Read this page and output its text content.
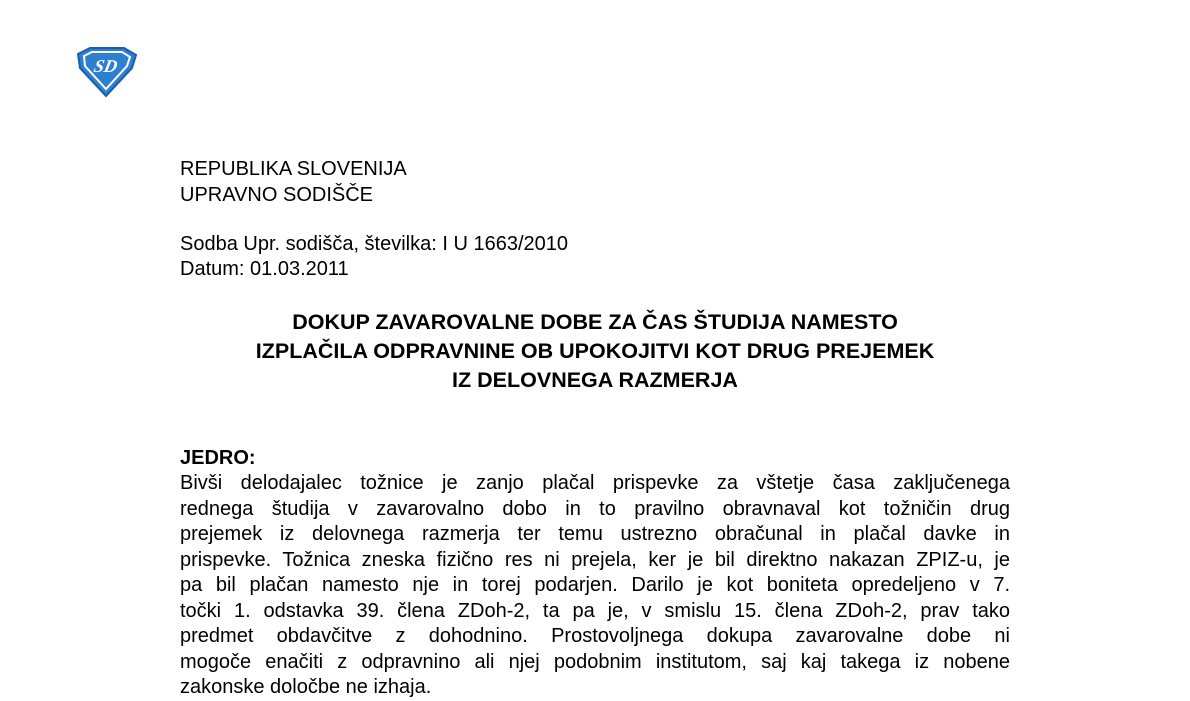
SD
REPUBLIKA SLOVENIJA
UPRAVNO SODIŠČE
Sodba Upr. sodišča, številka: I U 1663/2010
Datum: 01.03.2011
DOKUP ZAVAROVALNE DOBE ZA ČAS ŠTUDIJA NAMESTO
IZPLAČILA ODPRAVNINE OB UPOKOJITVI KOT DRUG PREJEMEK
IZ DELOVNEGA RAZMERJA
JEDRO:
Bivši delodajalec tožnice je zanjo plačal prispevke za vštetje časa zaključenega
rednega študija v zavarovalno dobo in to pravilno obravnaval kot tožničin drug
prejemek iz delovnega razmerja ter temu ustrezno obračunal in plačal davke in
prispevke. Tožnica zneska fizično res ni prejela, ker je bil direktno nakazan ZPIZ-u, je
pa bil plačan namesto nje in torej podarjen. Darilo je kot boniteta opredeljeno v 7.
točki 1. odstavka 39. člena ZDoh-2, ta pa je, v smislu 15. člena ZDoh-2, prav tako
predmet obdavčitve z dohodnino. Prostovoljnega dokupa zavarovalne dobe ni
mogoče enačiti z odpravnino ali njej podobnim institutom, saj kaj takega iz nobene
zakonske določbe ne izhaja.
